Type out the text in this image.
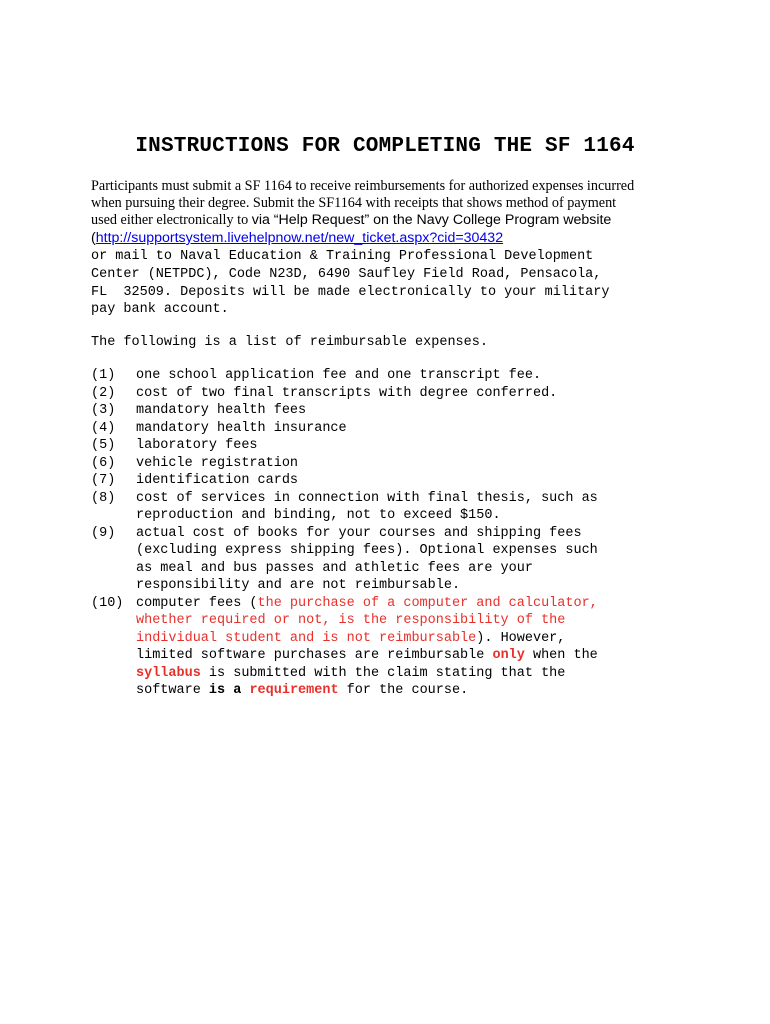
INSTRUCTIONS FOR COMPLETING THE SF 1164
Participants must submit a SF 1164 to receive reimbursements for authorized expenses incurred
when pursuing their degree. Submit the SF1164 with receipts that shows method of payment
used either electronically to via “Help Request” on the Navy College Program website
(http://supportsystem.livehelpnow.net/new_ticket.aspx?cid=30432
or mail to Naval Education & Training Professional Development
Center (NETPDC), Code N23D, 6490 Saufley Field Road, Pensacola,
FL  32509. Deposits will be made electronically to your military
pay bank account.
The following is a list of reimbursable expenses.
(1) one school application fee and one transcript fee.
(2) cost of two final transcripts with degree conferred.
(3) mandatory health fees
(4) mandatory health insurance
(5) laboratory fees
(6) vehicle registration
(7) identification cards
(8) cost of services in connection with final thesis, such as
reproduction and binding, not to exceed $150.
(9) actual cost of books for your courses and shipping fees
(excluding express shipping fees). Optional expenses such
as meal and bus passes and athletic fees are your
responsibility and are not reimbursable.
(10) computer fees (the purchase of a computer and calculator,
whether required or not, is the responsibility of the
individual student and is not reimbursable). However,
limited software purchases are reimbursable only when the
syllabus is submitted with the claim stating that the
software is a requirement for the course.
